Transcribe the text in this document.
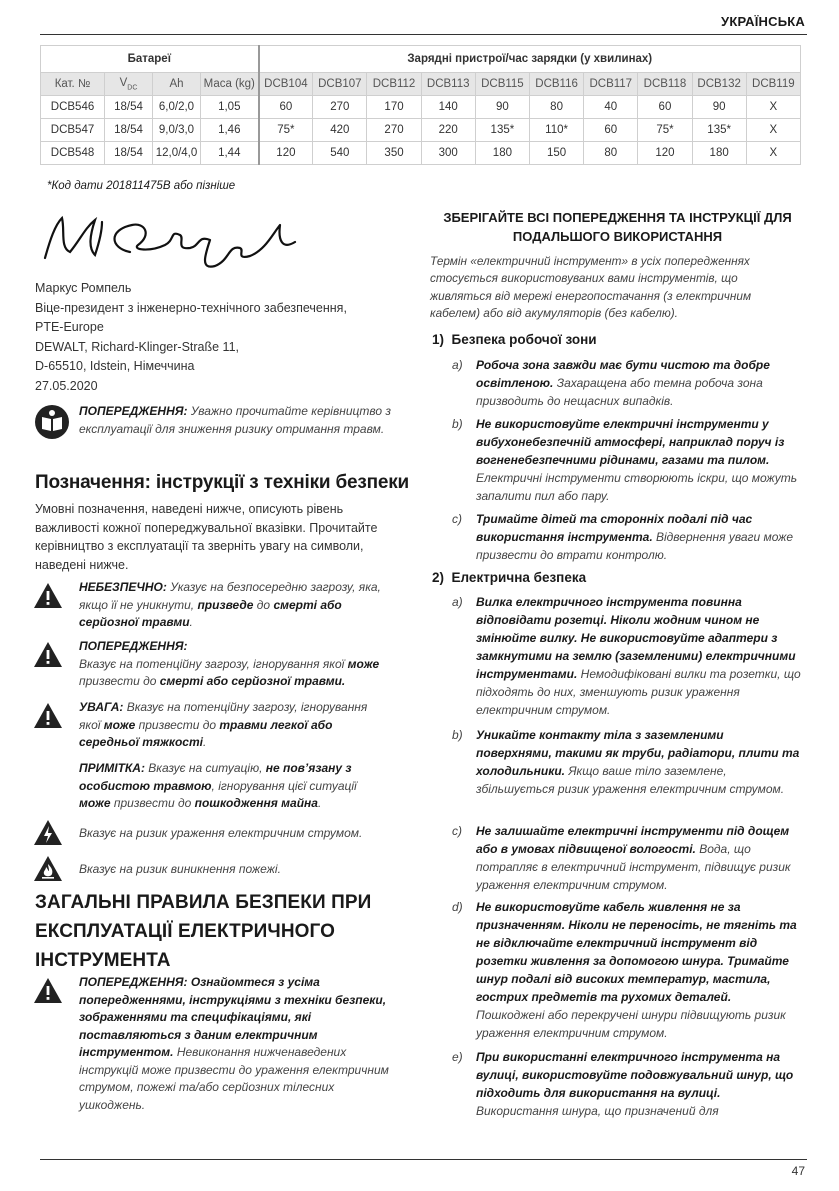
УКРАЇНСЬКА
Батареї				Зарядні пристрої/час зарядки (у хвилинах)									
Кат. №	$V_{DC}$	Ah	Маса (kg)	DCB104	DCB107	DCB112	DCB113	DCB115	DCB116	DCB117	DCB118	DCB132	DCB119
DCB546	18/54	6,0/2,0	1,05	60	270	170	140	90	80	40	60	90	X
DCB547	18/54	9,0/3,0	1,46	75*	420	270	220	135*	110*	60	75*	135*	X
DCB548	18/54	12,0/4,0	1,44	120	540	350	300	180	150	80	120	180	X
*Код дати 201811475B або пізніше
Маркус Ромпель
Віце-президент з інженерно-технічного забезпечення,
PTE-Europe
DEWALT, Richard-Klinger-Straße 11,
D-65510, Idstein, Німеччина
27.05.2020
ПОПЕРЕДЖЕННЯ: Уважно прочитайте керівництво з експлуатації для зниження ризику отримання травм.
Позначення: інструкції з техніки безпеки
Умовні позначення, наведені нижче, описують рівень важливості кожної попереджувальної вказівки. Прочитайте керівництво з експлуатації та зверніть увагу на символи, наведені нижче.
НЕБЕЗПЕЧНО: Указує на безпосередню загрозу, яка, якщо її не уникнути, призведе до смерті або серйозної травми.
ПОПЕРЕДЖЕННЯ:
Вказує на потенційну загрозу, ігнорування якої може призвести до смерті або серйозної травми.
УВАГА: Вказує на потенційну загрозу, ігнорування якої може призвести до травми легкої або середньої тяжкості.
ПРИМІТКА: Вказує на ситуацію, не пов’язану з особистою травмою, ігнорування цієї ситуації може призвести до пошкодження майна.
Вказує на ризик ураження електричним струмом.
Вказує на ризик виникнення пожежі.
ЗАГАЛЬНІ ПРАВИЛА БЕЗПЕКИ ПРИ ЕКСПЛУАТАЦІЇ ЕЛЕКТРИЧНОГО ІНСТРУМЕНТА
ПОПЕРЕДЖЕННЯ: Ознайомтеся з усіма попередженнями, інструкціями з техніки безпеки, зображеннями та специфікаціями, які поставляються з даним електричним інструментом. Невиконання нижченаведених інструкцій може призвести до ураження електричним струмом, пожежі та/або серйозних тілесних ушкоджень.
ЗБЕРІГАЙТЕ ВСІ ПОПЕРЕДЖЕННЯ ТА ІНСТРУКЦІЇ ДЛЯ ПОДАЛЬШОГО ВИКОРИСТАННЯ
Термін «електричний інструмент» в усіх попередженнях стосується використовуваних вами інструментів, що живляться від мережі енергопостачання (з електричним кабелем) або від акумуляторів (без кабелю).
1) Безпека робочої зони
a) Робоча зона завжди має бути чистою та добре освітленою. Захаращена або темна робоча зона призводить до нещасних випадків.
b) Не використовуйте електричні інструменти у вибухонебезпечній атмосфері, наприклад поруч із вогненебезпечними рідинами, газами та пилом. Електричні інструменти створюють іскри, що можуть запалити пил або пару.
c) Тримайте дітей та сторонніх подалі під час використання інструмента. Відвернення уваги може призвести до втрати контролю.
2) Електрична безпека
a) Вилка електричного інструмента повинна відповідати розетці. Ніколи жодним чином не змінюйте вилку. Не використовуйте адаптери з замкнутими на землю (заземленими) електричними інструментами. Немодифіковані вилки та розетки, що підходять до них, зменшують ризик ураження електричним струмом.
b) Уникайте контакту тіла з заземленими поверхнями, такими як труби, радіатори, плити та холодильники. Якщо ваше тіло заземлене, збільшується ризик ураження електричним струмом.
c) Не залишайте електричні інструменти під дощем або в умовах підвищеної вологості. Вода, що потрапляє в електричний інструмент, підвищує ризик ураження електричним струмом.
d) Не використовуйте кабель живлення не за призначенням. Ніколи не переносіть, не тягніть та не відключайте електричний інструмент від розетки живлення за допомогою шнура. Тримайте шнур подалі від високих температур, мастила, гострих предметів та рухомих деталей. Пошкоджені або перекручені шнури підвищують ризик ураження електричним струмом.
e) При використанні електричного інструмента на вулиці, використовуйте подовжувальний шнур, що підходить для використання на вулиці. Використання шнура, що призначений для
47
